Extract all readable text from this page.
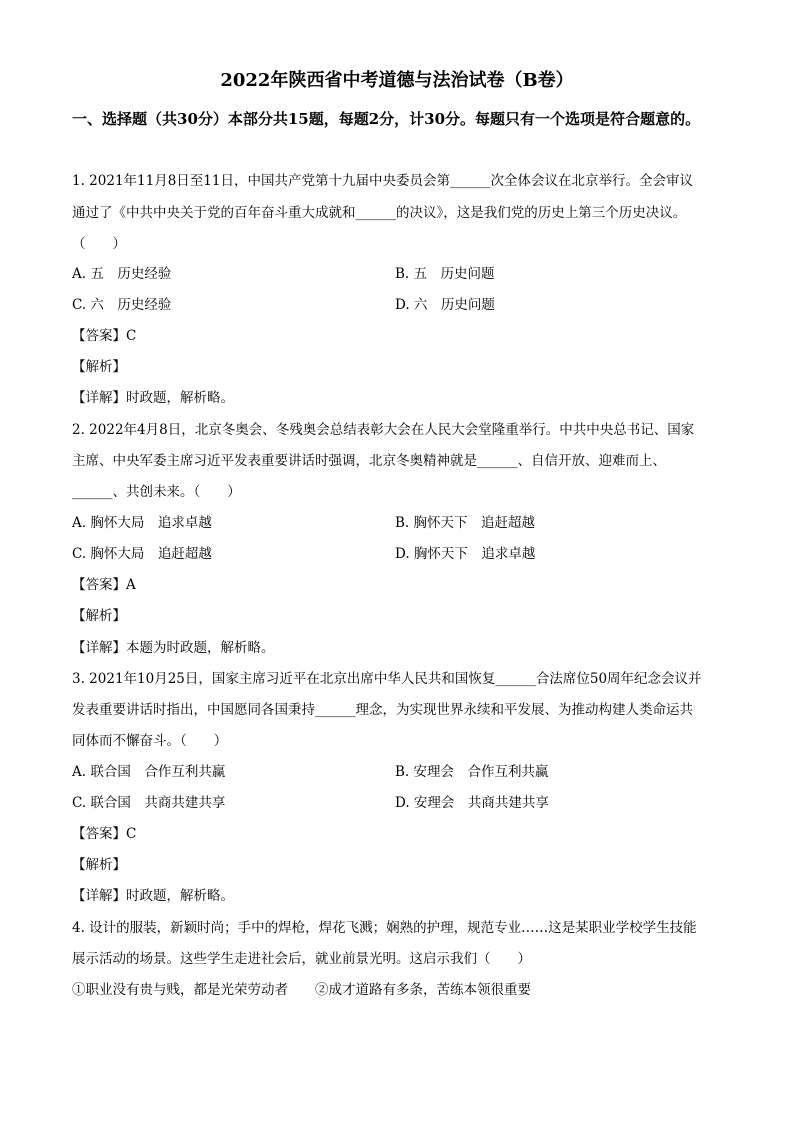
2022年陕西省中考道德与法治试卷（B卷）
一、选择题（共30分）本部分共15题，每题2分，计30分。每题只有一个选项是符合题意的。
1. 2021年11月8日至11日，中国共产党第十九届中央委员会第______次全体会议在北京举行。全会审议
通过了《中共中央关于党的百年奋斗重大成就和______的决议》，这是我们党的历史上第三个历史决议。
（　　）
A. 五　历史经验	B. 五　历史问题
C. 六　历史经验	D. 六　历史问题
【答案】C
【解析】
【详解】时政题，解析略。
2. 2022年4月8日，北京冬奥会、冬残奥会总结表彰大会在人民大会堂隆重举行。中共中央总书记、国家
主席、中央军委主席习近平发表重要讲话时强调，北京冬奥精神就是______、自信开放、迎难而上、
______、共创未来。（　　）
A. 胸怀大局　追求卓越	B. 胸怀天下　追赶超越
C. 胸怀大局　追赶超越	D. 胸怀天下　追求卓越
【答案】A
【解析】
【详解】本题为时政题，解析略。
3. 2021年10月25日，国家主席习近平在北京出席中华人民共和国恢复______合法席位50周年纪念会议并
发表重要讲话时指出，中国愿同各国秉持______理念，为实现世界永续和平发展、为推动构建人类命运共
同体而不懈奋斗。（　　）
A. 联合国　合作互利共赢	B. 安理会　合作互利共赢
C. 联合国　共商共建共享	D. 安理会　共商共建共享
【答案】C
【解析】
【详解】时政题，解析略。
4. 设计的服装，新颖时尚；手中的焊枪，焊花飞溅；娴熟的护理，规范专业……这是某职业学校学生技能
展示活动的场景。这些学生走进社会后，就业前景光明。这启示我们（　　）
①职业没有贵与贱，都是光荣劳动者　　②成才道路有多条，苦练本领很重要
